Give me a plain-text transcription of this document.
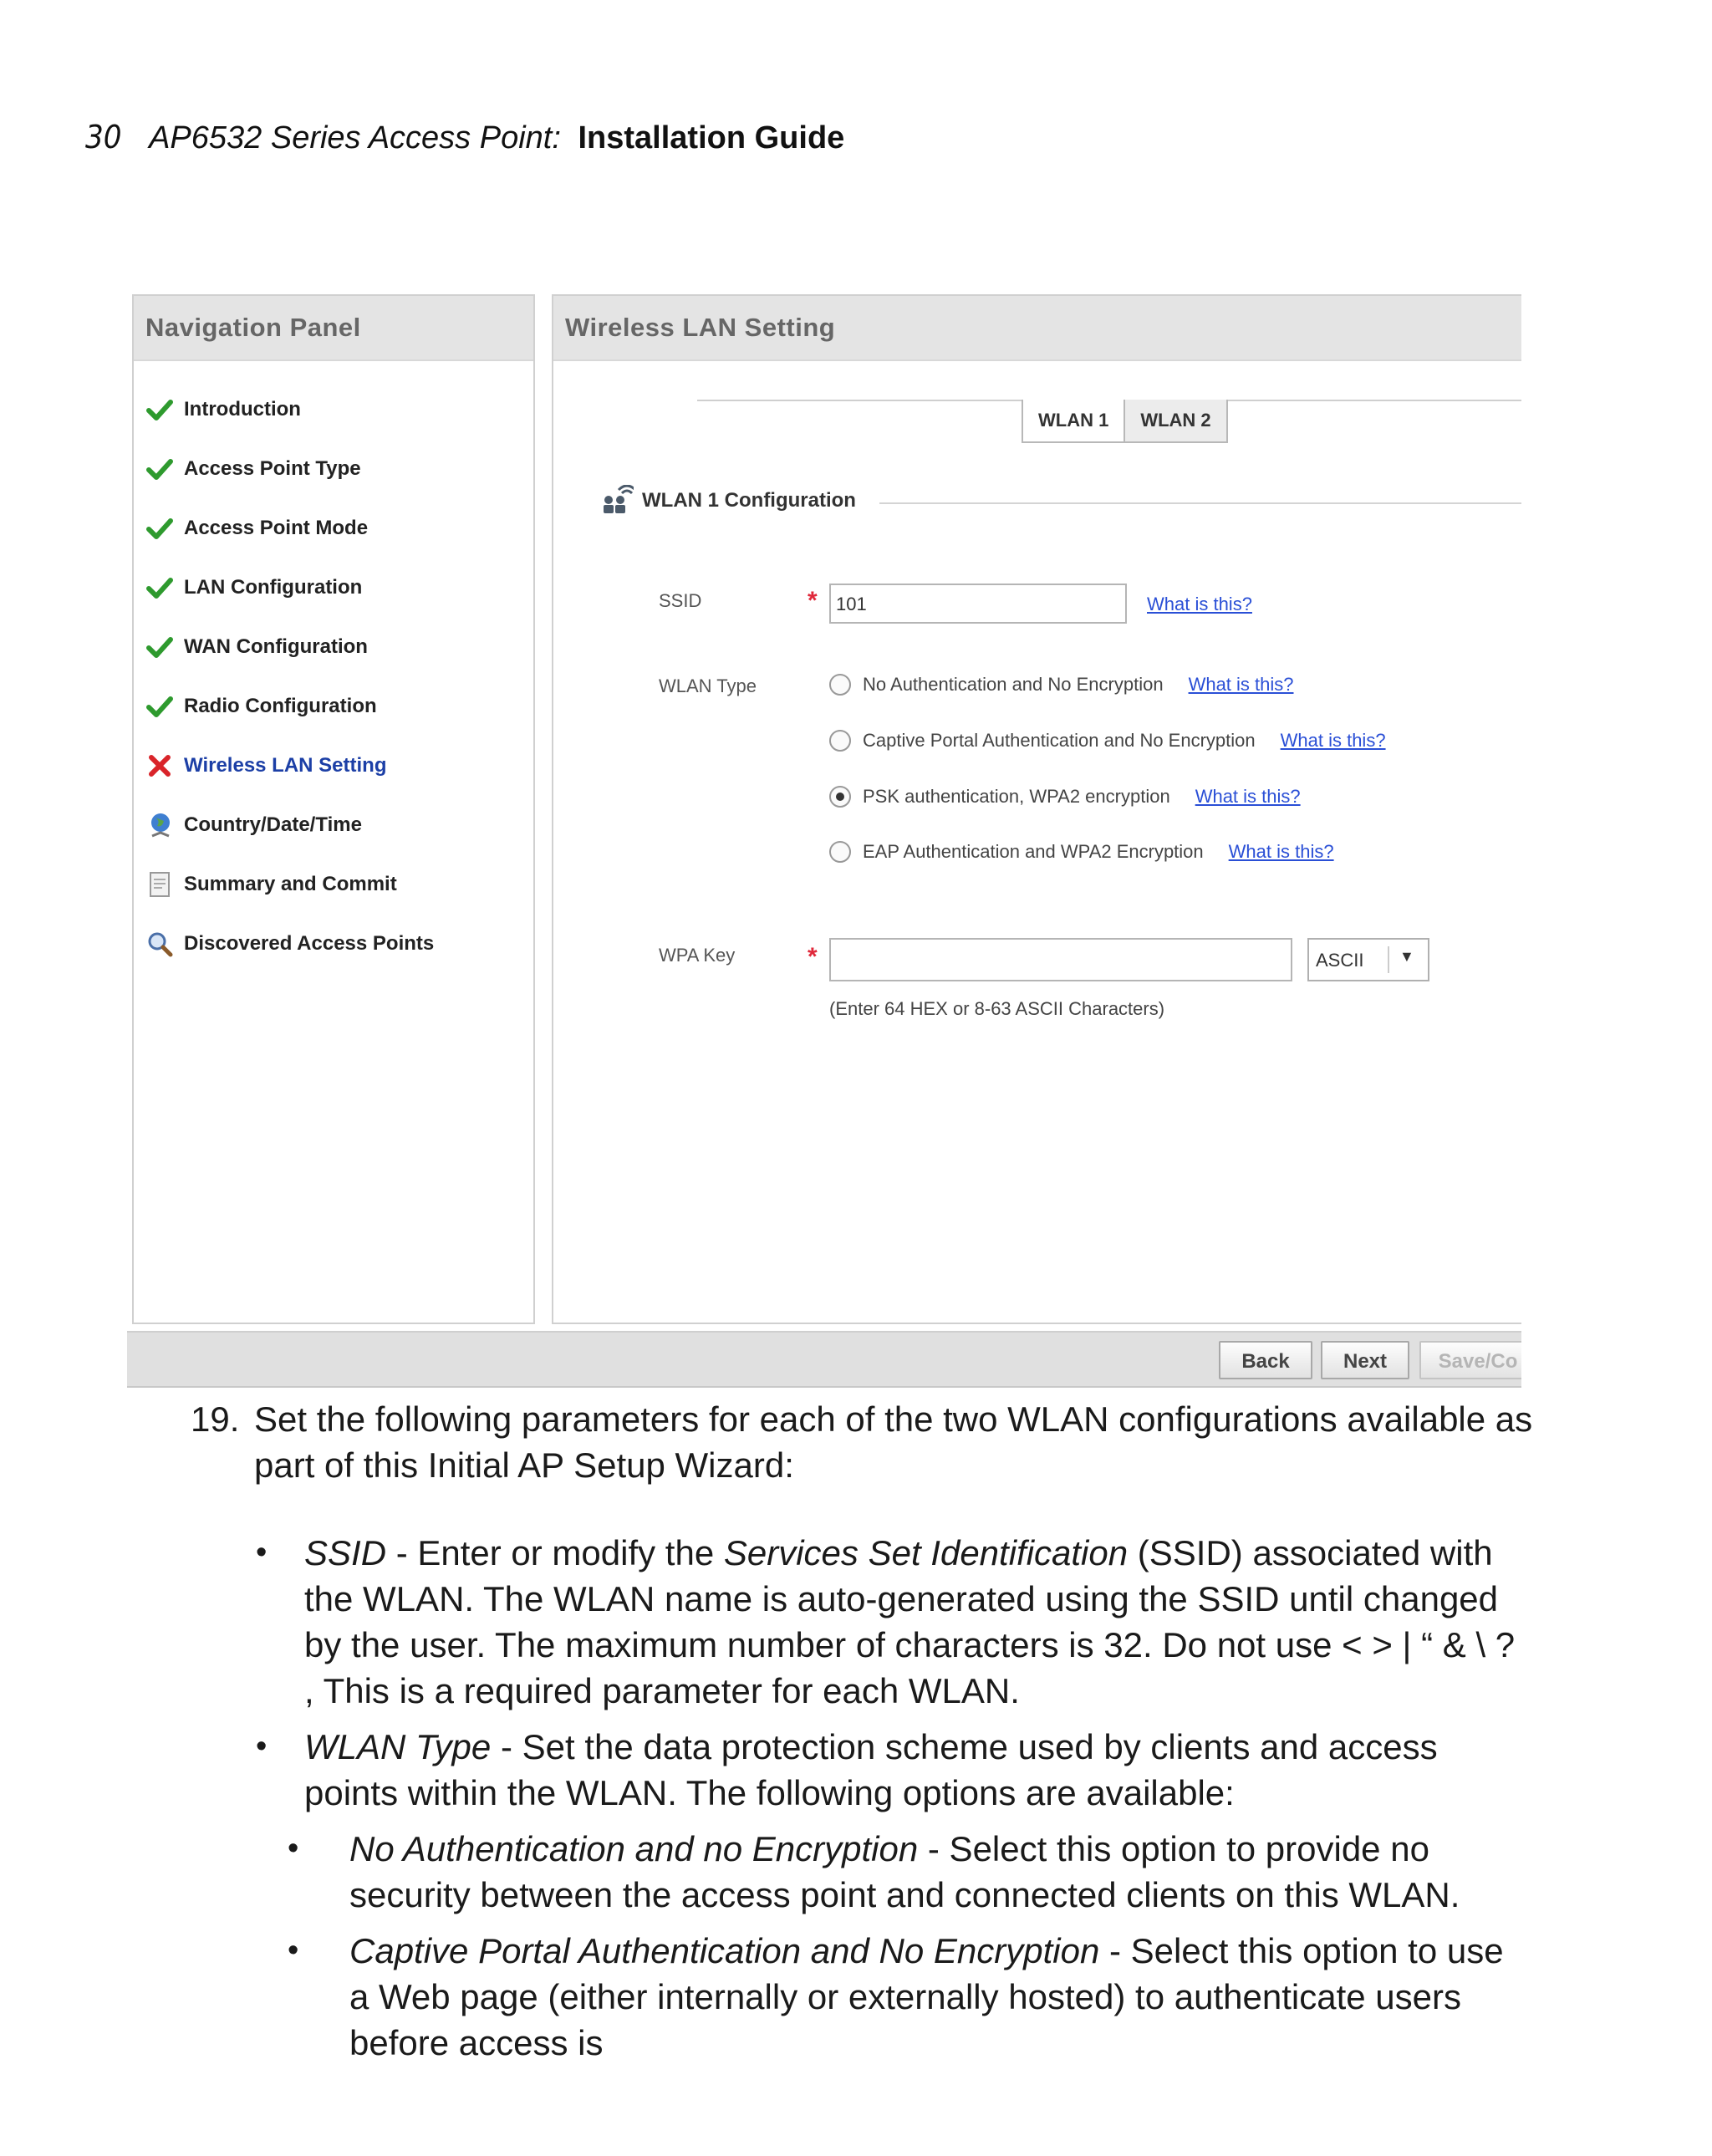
30 AP6532 Series Access Point: Installation Guide
Navigation Panel
Introduction
Access Point Type
Access Point Mode
LAN Configuration
WAN Configuration
Radio Configuration
Wireless LAN Setting
Country/Date/Time
Summary and Commit
Discovered Access Points
Wireless LAN Setting
WLAN 1	WLAN 2
WLAN 1 Configuration
SSID	*	101	What is this?
WLAN Type	No Authentication and No Encryption What is this?
Captive Portal Authentication and No Encryption What is this?
PSK authentication, WPA2 encryption What is this?
EAP Authentication and WPA2 Encryption What is this?
WPA Key	*	ASCII ▼
(Enter 64 HEX or 8-63 ASCII Characters)
Back	Next	Save/Co
19. Set the following parameters for each of the two WLAN configurations available as part of this Initial AP Setup Wizard:
• SSID - Enter or modify the Services Set Identification (SSID) associated with the WLAN. The WLAN name is auto-generated using the SSID until changed by the user. The maximum number of characters is 32. Do not use < > | “ & \ ? , This is a required parameter for each WLAN.
• WLAN Type - Set the data protection scheme used by clients and access points within the WLAN. The following options are available:
• No Authentication and no Encryption - Select this option to provide no security between the access point and connected clients on this WLAN.
• Captive Portal Authentication and No Encryption - Select this option to use a Web page (either internally or externally hosted) to authenticate users before access is
